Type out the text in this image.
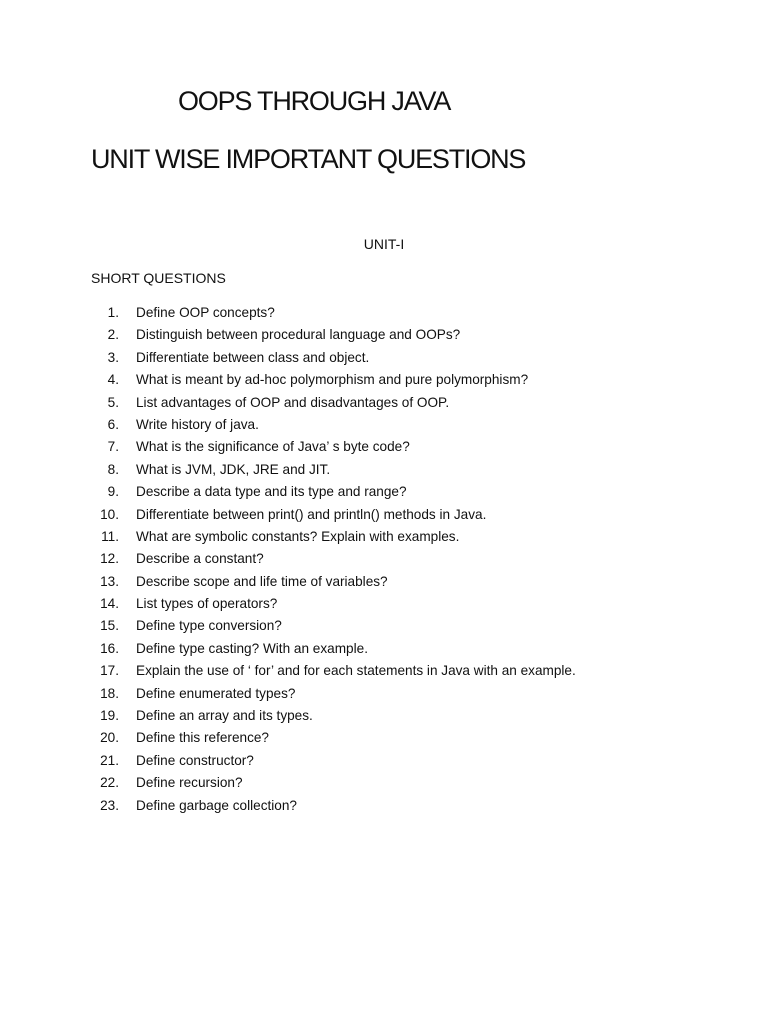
OOPS THROUGH JAVA
UNIT WISE IMPORTANT QUESTIONS

UNIT-I

SHORT QUESTIONS

1. Define OOP concepts?
2. Distinguish between procedural language and OOPs?
3. Differentiate between class and object.
4. What is meant by ad-hoc polymorphism and pure polymorphism?
5. List advantages of OOP and disadvantages of OOP.
6. Write history of java.
7. What is the significance of Java’ s byte code?
8. What is JVM, JDK, JRE and JIT.
9. Describe a data type and its type and range?
10. Differentiate between print() and println() methods in Java.
11. What are symbolic constants? Explain with examples.
12. Describe a constant?
13. Describe scope and life time of variables?
14. List types of operators?
15. Define type conversion?
16. Define type casting? With an example.
17. Explain the use of ‘ for’ and for each statements in Java with an example.
18. Define enumerated types?
19. Define an array and its types.
20. Define this reference?
21. Define constructor?
22. Define recursion?
23. Define garbage collection?
